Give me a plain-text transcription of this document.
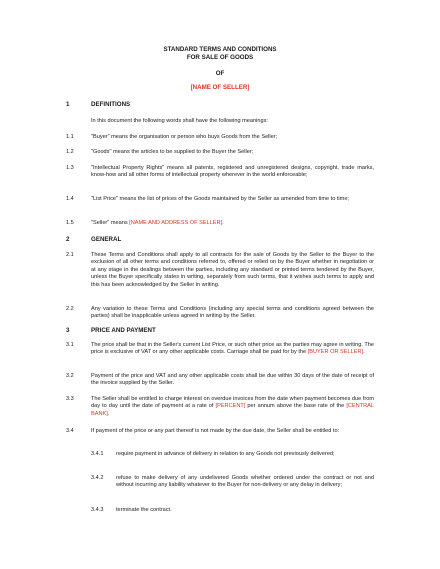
STANDARD TERMS AND CONDITIONS
FOR SALE OF GOODS
OF
[NAME OF SELLER]
1	DEFINITIONS
In this document the following words shall have the following meanings:
1.1	"Buyer" means the organisation or person who buys Goods from the Seller;
1.2	"Goods" means the articles to be supplied to the Buyer the Seller;
1.3	"Intellectual Property Rights" means all patents, registered and unregistered designs, copyright, trade marks, know-how and all other forms of intellectual property wherever in the world enforceable;
1.4	"List Price" means the list of prices of the Goods maintained by the Seller as amended from time to time;
1.5	"Seller" means [NAME AND ADDRESS OF SELLER].
2	GENERAL
2.1	These Terms and Conditions shall apply to all contracts for the sale of Goods by the Seller to the Buyer to the exclusion of all other terms and conditions referred to, offered or relied on by the Buyer whether in negotiation or at any stage in the dealings between the parties, including any standard or printed terms tendered by the Buyer, unless the Buyer specifically states in writing, separately from such terms, that it wishes such terms to apply and this has been acknowledged by the Seller in writing.
2.2	Any variation to these Terms and Conditions (including any special terms and conditions agreed between the parties) shall be inapplicable unless agreed in writing by the Seller.
3	PRICE AND PAYMENT
3.1	The price shall be that in the Seller's current List Price, or such other price as the parties may agree in writing. The price is exclusive of VAT or any other applicable costs. Carriage shall be paid for by the [BUYER OR SELLER].
3.2	Payment of the price and VAT and any other applicable costs shall be due within 30 days of the date of receipt of the invoice supplied by the Seller.
3.3	The Seller shall be entitled to charge interest on overdue invoices from the date when payment becomes due from day to day until the date of payment at a rate of [PERCENT] per annum above the base rate of the [CENTRAL BANK].
3.4	If payment of the price or any part thereof is not made by the due date, the Seller shall be entitled to:
3.4.1 require payment in advance of delivery in relation to any Goods not previously delivered;
3.4.2 refuse to make delivery of any undelivered Goods whether ordered under the contract or not and without incurring any liability whatever to the Buyer for non-delivery or any delay in delivery;
3.4.3 terminate the contract.
